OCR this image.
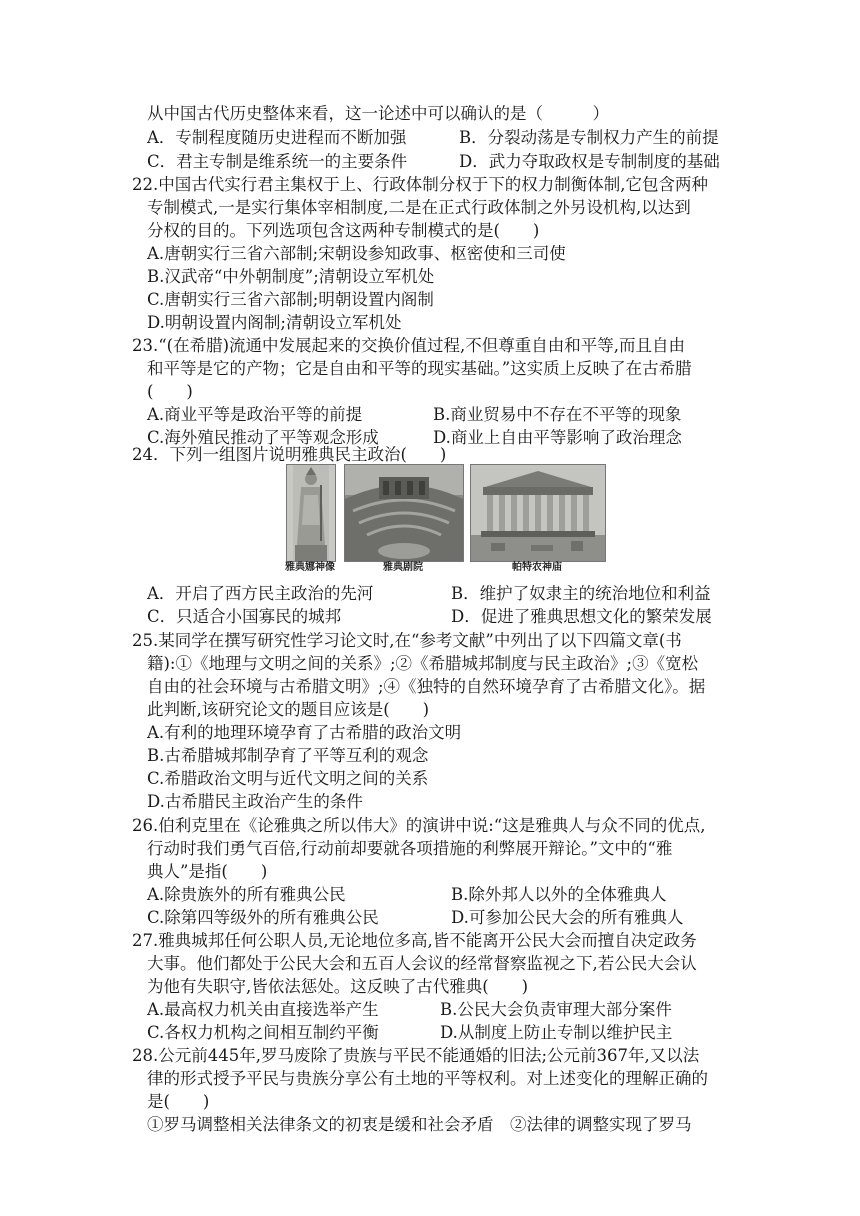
从中国古代历史整体来看，这一论述中可以确认的是（　　　）
A．专制程度随历史进程而不断加强	B．分裂动荡是专制权力产生的前提
C．君主专制是维系统一的主要条件	D．武力夺取政权是专制制度的基础
22.中国古代实行君主集权于上、行政体制分权于下的权力制衡体制,它包含两种
专制模式,一是实行集体宰相制度,二是在正式行政体制之外另设机构,以达到
分权的目的。下列选项包含这两种专制模式的是(　　)
A.唐朝实行三省六部制;宋朝设参知政事、枢密使和三司使
B.汉武帝“中外朝制度”;清朝设立军机处
C.唐朝实行三省六部制;明朝设置内阁制
D.明朝设置内阁制;清朝设立军机处
23.“(在希腊)流通中发展起来的交换价值过程,不但尊重自由和平等,而且自由
和平等是它的产物；它是自由和平等的现实基础。”这实质上反映了在古希腊
(　　)
A.商业平等是政治平等的前提	B.商业贸易中不存在不平等的现象
C.海外殖民推动了平等观念形成	D.商业上自由平等影响了政治理念
24．下列一组图片说明雅典民主政治(　　)
雅典娜神像	雅典剧院	帕特农神庙
A．开启了西方民主政治的先河	B．维护了奴隶主的统治地位和利益
C．只适合小国寡民的城邦	D．促进了雅典思想文化的繁荣发展
25.某同学在撰写研究性学习论文时,在“参考文献”中列出了以下四篇文章(书
籍):①《地理与文明之间的关系》;②《希腊城邦制度与民主政治》;③《宽松
自由的社会环境与古希腊文明》;④《独特的自然环境孕育了古希腊文化》。据
此判断,该研究论文的题目应该是(　　)
A.有利的地理环境孕育了古希腊的政治文明
B.古希腊城邦制孕育了平等互利的观念
C.希腊政治文明与近代文明之间的关系
D.古希腊民主政治产生的条件
26.伯利克里在《论雅典之所以伟大》的演讲中说:“这是雅典人与众不同的优点,
行动时我们勇气百倍,行动前却要就各项措施的利弊展开辩论。”文中的“雅
典人”是指(　　)
A.除贵族外的所有雅典公民	B.除外邦人以外的全体雅典人
C.除第四等级外的所有雅典公民	D.可参加公民大会的所有雅典人
27.雅典城邦任何公职人员,无论地位多高,皆不能离开公民大会而擅自决定政务
大事。他们都处于公民大会和五百人会议的经常督察监视之下,若公民大会认
为他有失职守,皆依法惩处。这反映了古代雅典(　　)
A.最高权力机关由直接选举产生	B.公民大会负责审理大部分案件
C.各权力机构之间相互制约平衡	D.从制度上防止专制以维护民主
28.公元前445年,罗马废除了贵族与平民不能通婚的旧法;公元前367年,又以法
律的形式授予平民与贵族分享公有土地的平等权利。对上述变化的理解正确的
是(　　)
①罗马调整相关法律条文的初衷是缓和社会矛盾　②法律的调整实现了罗马
